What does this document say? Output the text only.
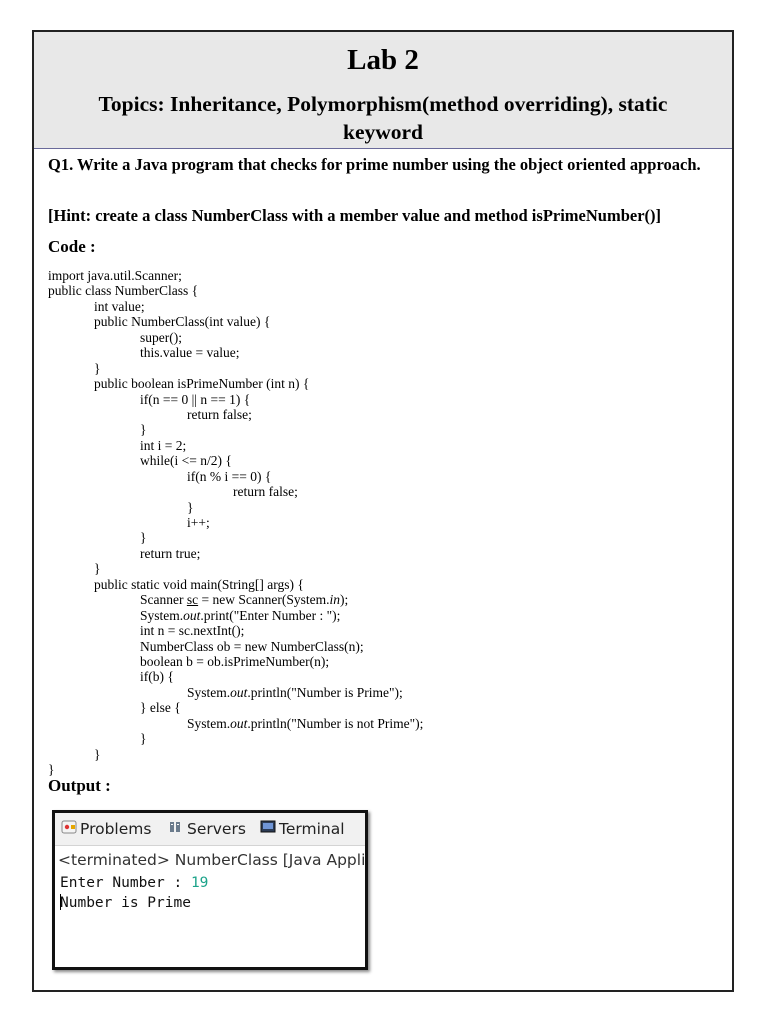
Lab 2
Topics: Inheritance, Polymorphism(method overriding), static keyword
Q1. Write a Java program that checks for prime number using the object oriented approach.
[Hint: create a class NumberClass with a member value and method isPrimeNumber()]
Code :
import java.util.Scanner;
public class NumberClass {
int value;
public NumberClass(int value) {
super();
this.value = value;
}
public boolean isPrimeNumber (int n) {
if(n == 0 || n == 1) {
return false;
}
int i = 2;
while(i <= n/2) {
if(n % i == 0) {
return false;
}
i++;
}
return true;
}
public static void main(String[] args) {
Scanner sc = new Scanner(System.in);
System.out.print("Enter Number : ");
int n = sc.nextInt();
NumberClass ob = new NumberClass(n);
boolean b = ob.isPrimeNumber(n);
if(b) {
System.out.println("Number is Prime");
} else {
System.out.println("Number is not Prime");
}
}
}
Output :
Problems	Servers	Terminal
<terminated> NumberClass [Java Appli
Enter Number : 19
Number is Prime
